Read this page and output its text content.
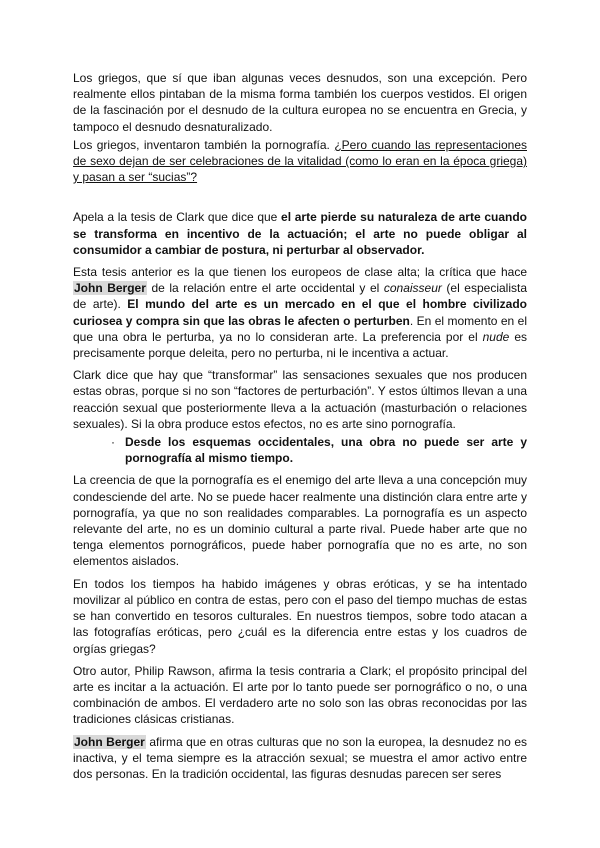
Los griegos, que sí que iban algunas veces desnudos, son una excepción. Pero realmente ellos pintaban de la misma forma también los cuerpos vestidos. El origen de la fascinación por el desnudo de la cultura europea no se encuentra en Grecia, y tampoco el desnudo desnaturalizado.

Los griegos, inventaron también la pornografía. ¿Pero cuando las representaciones de sexo dejan de ser celebraciones de la vitalidad (como lo eran en la época griega) y pasan a ser “sucias”?

Apela a la tesis de Clark que dice que el arte pierde su naturaleza de arte cuando se transforma en incentivo de la actuación; el arte no puede obligar al consumidor a cambiar de postura, ni perturbar al observador.

Esta tesis anterior es la que tienen los europeos de clase alta; la crítica que hace John Berger de la relación entre el arte occidental y el conaisseur (el especialista de arte). El mundo del arte es un mercado en el que el hombre civilizado curiosea y compra sin que las obras le afecten o perturben. En el momento en el que una obra le perturba, ya no lo consideran arte. La preferencia por el nude es precisamente porque deleita, pero no perturba, ni le incentiva a actuar.

Clark dice que hay que “transformar” las sensaciones sexuales que nos producen estas obras, porque si no son “factores de perturbación”. Y estos últimos llevan a una reacción sexual que posteriormente lleva a la actuación (masturbación o relaciones sexuales). Si la obra produce estos efectos, no es arte sino pornografía.

· Desde los esquemas occidentales, una obra no puede ser arte y pornografía al mismo tiempo.

La creencia de que la pornografía es el enemigo del arte lleva a una concepción muy condesciende del arte. No se puede hacer realmente una distinción clara entre arte y pornografía, ya que no son realidades comparables. La pornografía es un aspecto relevante del arte, no es un dominio cultural a parte rival. Puede haber arte que no tenga elementos pornográficos, puede haber pornografía que no es arte, no son elementos aislados.

En todos los tiempos ha habido imágenes y obras eróticas, y se ha intentado movilizar al público en contra de estas, pero con el paso del tiempo muchas de estas se han convertido en tesoros culturales. En nuestros tiempos, sobre todo atacan a las fotografías eróticas, pero ¿cuál es la diferencia entre estas y los cuadros de orgías griegas?

Otro autor, Philip Rawson, afirma la tesis contraria a Clark; el propósito principal del arte es incitar a la actuación. El arte por lo tanto puede ser pornográfico o no, o una combinación de ambos. El verdadero arte no solo son las obras reconocidas por las tradiciones clásicas cristianas.

John Berger afirma que en otras culturas que no son la europea, la desnudez no es inactiva, y el tema siempre es la atracción sexual; se muestra el amor activo entre dos personas. En la tradición occidental, las figuras desnudas parecen ser seres
